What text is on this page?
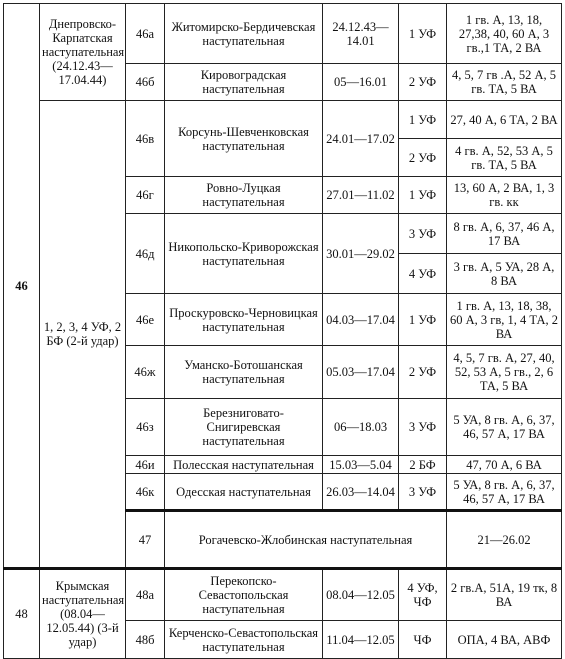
46	Днепровско-Карпатская наступательная (24.12.43—17.04.44)	46а	Житомирско-Бердичевская наступательная	24.12.43—14.01	1 УФ	1 гв. А, 13, 18, 27,38, 40, 60 А, 3 гв.,1 ТА, 2 ВА	
		46б	Кировоградская наступательная	05—16.01	2 УФ	4, 5, 7 гв .А, 52 А, 5 гв. ТА, 5 ВА	
	1, 2, 3, 4 УФ, 2 БФ (2-й удар)	46в	Корсунь-Шевченковская наступательная	24.01—17.02	1 УФ	27, 40 А, 6 ТА, 2 ВА	
					2 УФ	4 гв. А, 52, 53 А, 5 гв. ТА, 5 ВА	
		46г	Ровно-Луцкая наступательная	27.01—11.02	1 УФ	13, 60 А, 2 ВА, 1, 3 гв. кк	
		46д	Никопольско-Криворожская наступательная	30.01—29.02	3 УФ	8 гв. А, 6, 37, 46 А, 17 ВА	
					4 УФ	3 гв. А, 5 УА, 28 А, 8 ВА	
		46е	Проскуровско-Черновицкая наступательная	04.03—17.04	1 УФ	1 гв. А, 13, 18, 38, 60 А, 3 гв, 1, 4 ТА, 2 ВА	
		46ж	Уманско-Ботошанская наступательная	05.03—17.04	2 УФ	4, 5, 7 гв. А, 27, 40, 52, 53 А, 5 гв., 2, 6 ТА, 5 ВА	
		46з	Березниговато-Снигиревская наступательная	06—18.03	3 УФ	5 УА, 8 гв. А, 6, 37, 46, 57 А, 17 ВА	
		46и	Полесская наступательная	15.03—5.04	2 БФ	47, 70 А, 6 ВА	
		46к	Одесская наступательная	26.03—14.04	3 УФ	5 УА, 8 гв. А, 6, 37, 46, 57 А, 17 ВА	
		47	Рогачевско-Жлобинская наступательная			21—26.02		
48	Крымская наступательная (08.04—12.05.44) (3-й удар)	48а	Перекопско-Севастопольская наступательная	08.04—12.05	4 УФ, ЧФ	2 гв.А, 51А, 19 тк, 8 ВА	
		48б	Керченско-Севастопольская наступательная	11.04—12.05	ЧФ	ОПА, 4 ВА, АВФ	
